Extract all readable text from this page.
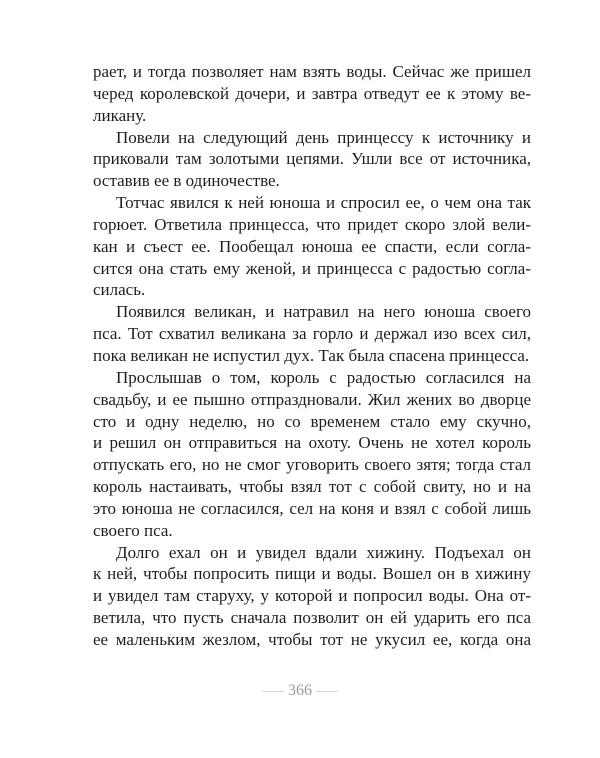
рает, и тогда позволяет нам взять воды. Сейчас же пришел
черед королевской дочери, и завтра отведут ее к этому ве-
ликану.
Повели на следующий день принцессу к источнику и
приковали там золотыми цепями. Ушли все от источника,
оставив ее в одиночестве.
Тотчас явился к ней юноша и спросил ее, о чем она так
горюет. Ответила принцесса, что придет скоро злой вели-
кан и съест ее. Пообещал юноша ее спасти, если согла-
сится она стать ему женой, и принцесса с радостью согла-
силась.
Появился великан, и натравил на него юноша своего
пса. Тот схватил великана за горло и держал изо всех сил,
пока великан не испустил дух. Так была спасена принцесса.
Прослышав о том, король с радостью согласился на
свадьбу, и ее пышно отпраздновали. Жил жених во дворце
сто и одну неделю, но со временем стало ему скучно,
и решил он отправиться на охоту. Очень не хотел король
отпускать его, но не смог уговорить своего зятя; тогда стал
король настаивать, чтобы взял тот с собой свиту, но и на
это юноша не согласился, сел на коня и взял с собой лишь
своего пса.
Долго ехал он и увидел вдали хижину. Подъехал он
к ней, чтобы попросить пищи и воды. Вошел он в хижину
и увидел там старуху, у которой и попросил воды. Она от-
ветила, что пусть сначала позволит он ей ударить его пса
ее маленьким жезлом, чтобы тот не укусил ее, когда она
366
